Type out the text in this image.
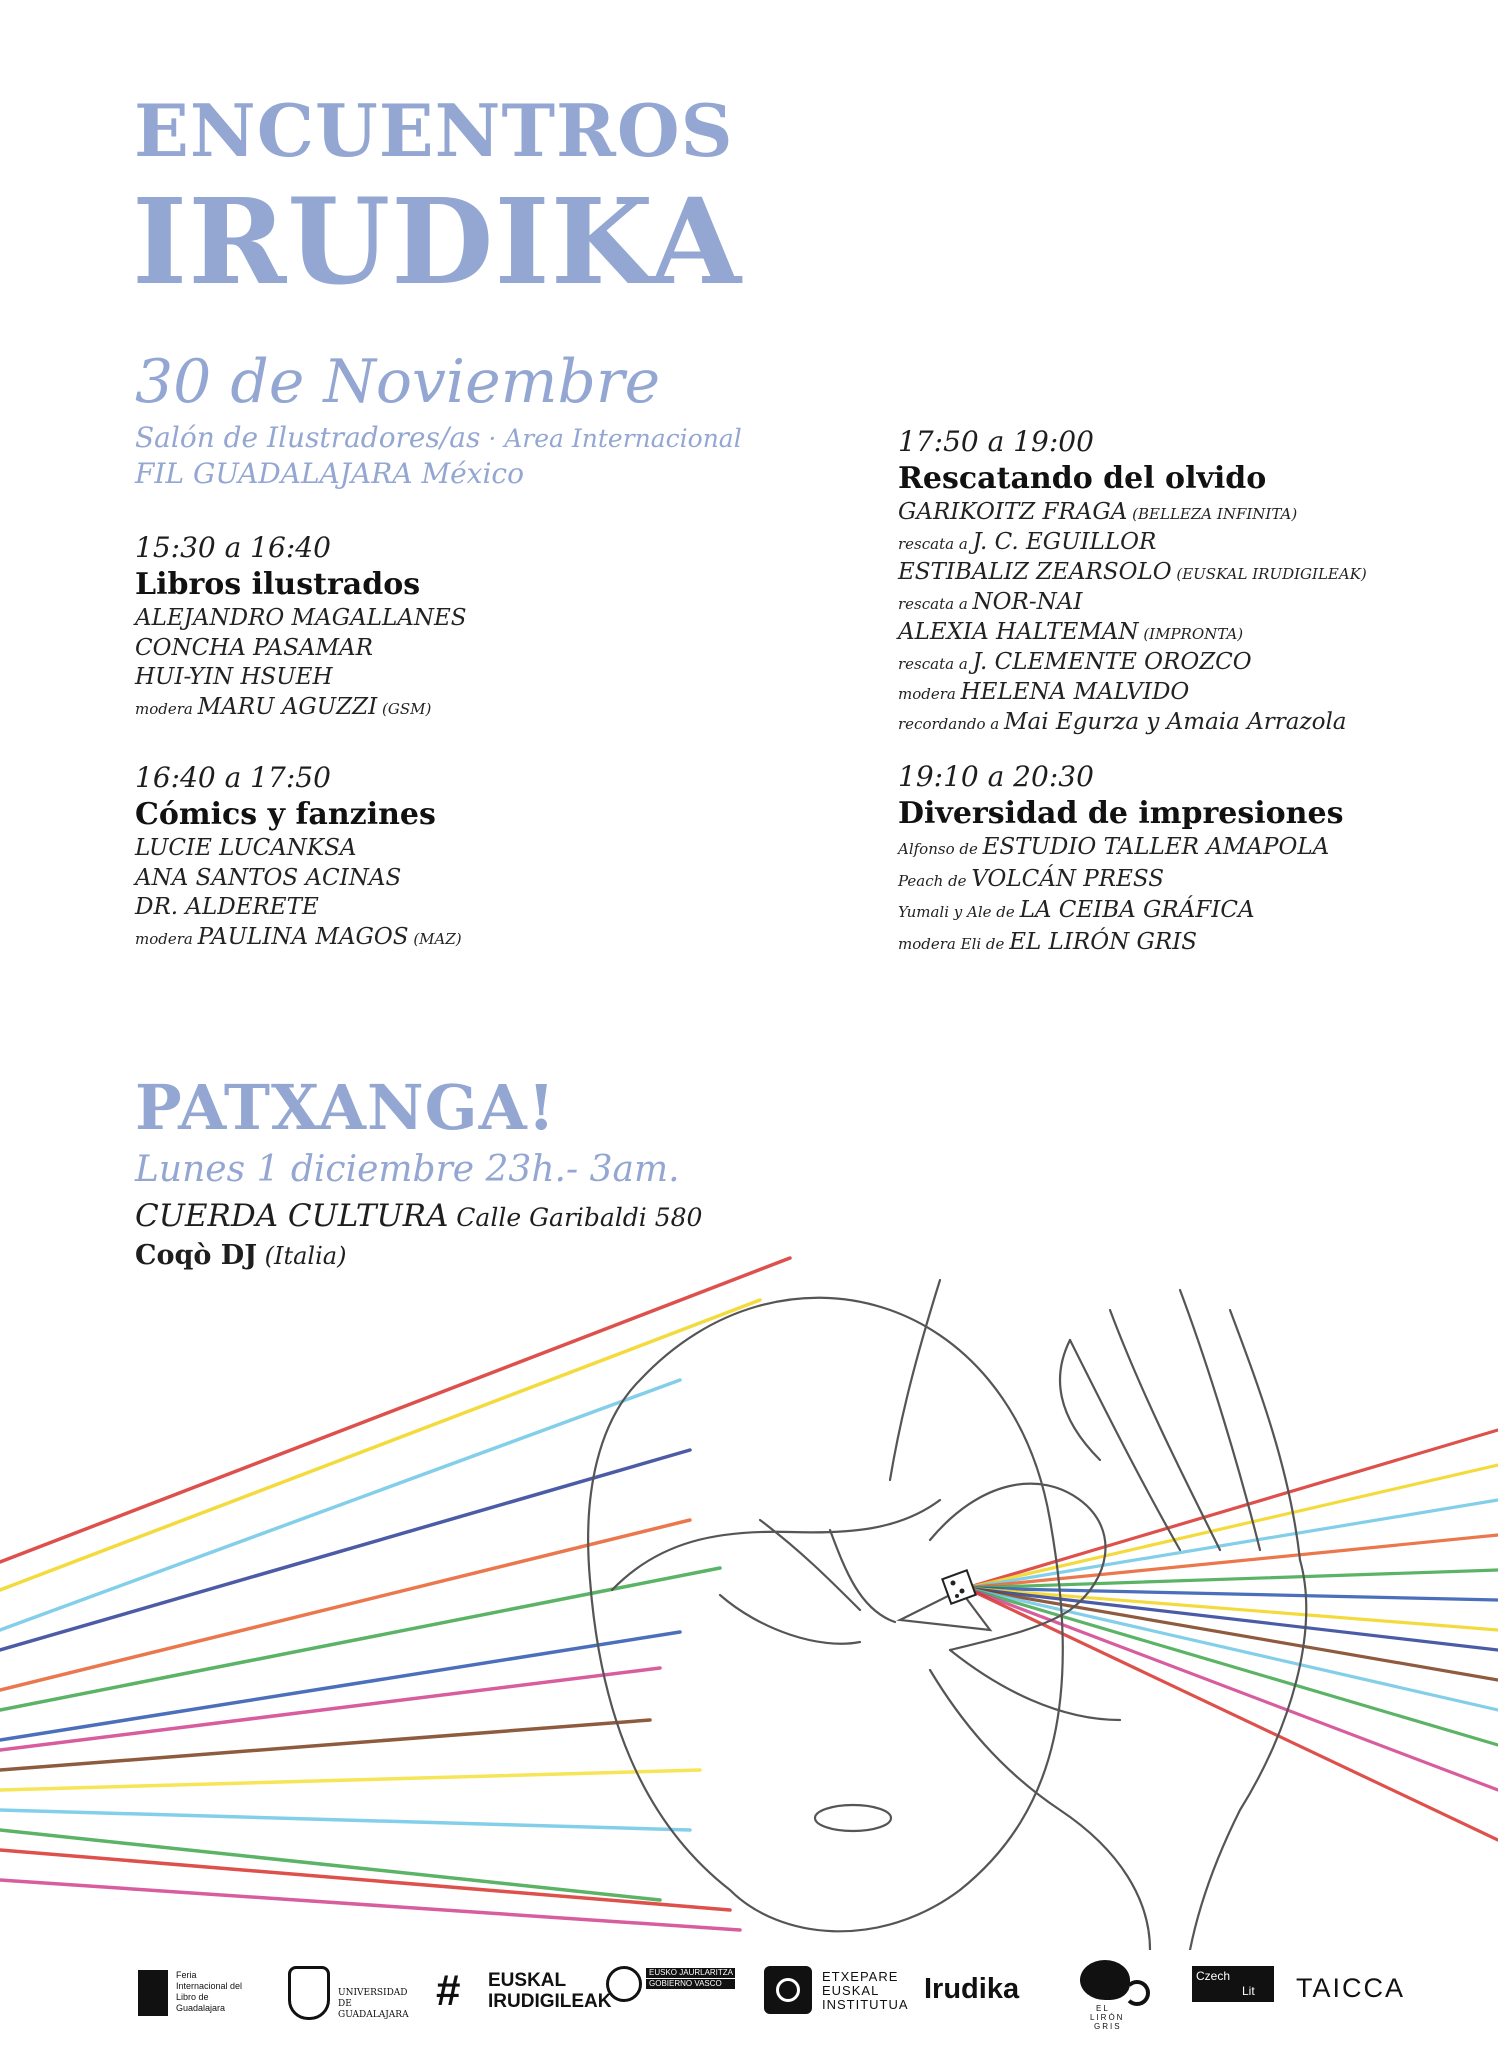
ENCUENTROS
IRUDIKA
30 de Noviembre
Salón de Ilustradores/as · Area Internacional
FIL GUADALAJARA México
15:30 a 16:40
Libros ilustrados
ALEJANDRO MAGALLANES
CONCHA PASAMAR
HUI-YIN HSUEH
modera MARU AGUZZI (GSM)
16:40 a 17:50
Cómics y fanzines
LUCIE LUCANKSA
ANA SANTOS ACINAS
DR. ALDERETE
modera PAULINA MAGOS (MAZ)
17:50 a 19:00
Rescatando del olvido
GARIKOITZ FRAGA (BELLEZA INFINITA)
rescata a J. C. EGUILLOR
ESTIBALIZ ZEARSOLO (EUSKAL IRUDIGILEAK)
rescata a NOR-NAI
ALEXIA HALTEMAN (IMPRONTA)
rescata a J. CLEMENTE OROZCO
modera HELENA MALVIDO
recordando a Mai Egurza y Amaia Arrazola
19:10 a 20:30
Diversidad de impresiones
Alfonso de ESTUDIO TALLER AMAPOLA
Peach de VOLCÁN PRESS
Yumali y Ale de LA CEIBA GRÁFICA
modera Eli de EL LIRÓN GRIS
PATXANGA!
Lunes 1 diciembre 23h.- 3am.
CUERDA CULTURA Calle Garibaldi 580
Coqò DJ (Italia)
Feria Internacional del Libro de Guadalajara
UNIVERSIDAD DE GUADALAJARA #	EUSKAL
IRUDIGILEAK
EUSKO JAURLARITZA
GOBIERNO VASCO	ETXEPARE
EUSKAL
INSTITUTUA Irudika
EL
LIRÓN
GRIS
Czech
Lit TAICCA
